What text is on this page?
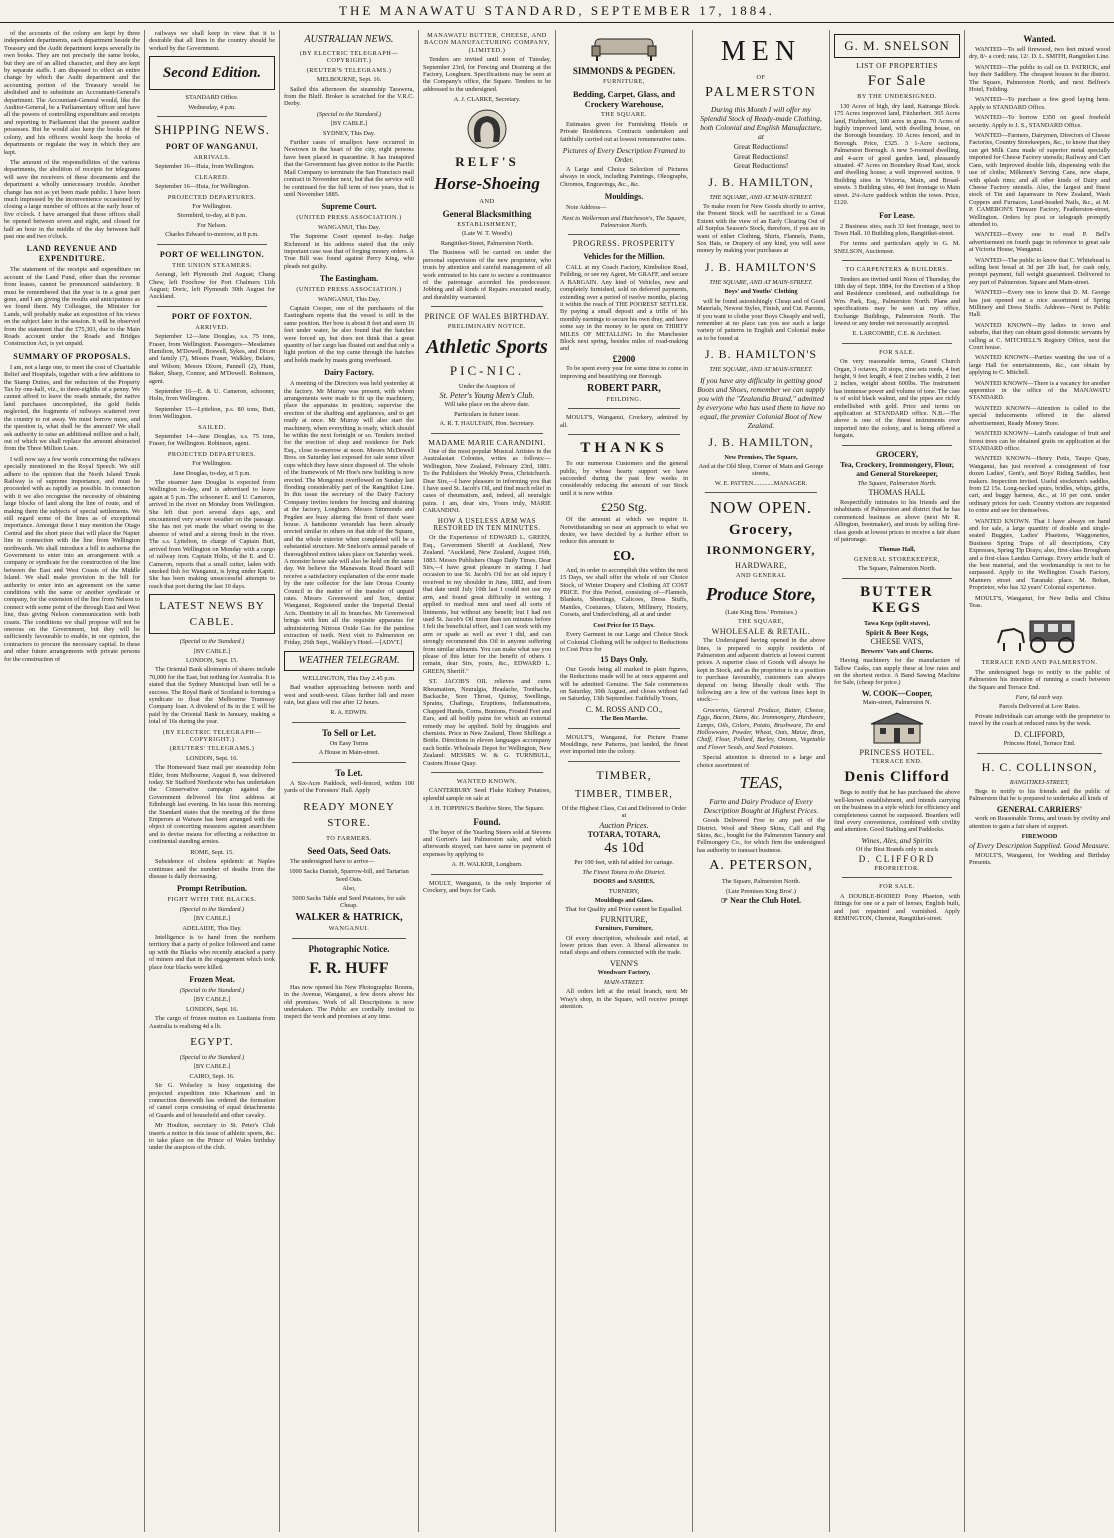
THE MANAWATU STANDARD, SEPTEMBER 17, 1884.

of the accounts of the colony are kept by three independent departments, each department beside the Treasury and the Audit department keeps severally its own books. They are not precisely the same books, but they are of an allied character, and they are kept by separate staffs. I am disposed to effect an entire change by which the Audit department and the accounting portion of the Treasury would be abolished and to substitute an Accountant-General's department. The Accountant-General would, like the Auditor-General, be a Parliamentary officer and have all the powers of controlling expenditure and receipts and reporting to Parliament that the present auditor possesses. But he would also keep the books of the colony, and his officers would keep the books of departments or regulate the way in which they are kept.

The amount of the responsibilities of the various departments, the abolition of receipts for telegrams will save the receivers of these documents and the department a wholly unnecessary trouble. Another change has not as yet been made public. I have been much impressed by the inconvenience occasioned by closing a large number of offices at the early hour of five o'clock. I have arranged that these offices shall be opened between seven and eight, and closed for half an hour in the middle of the day between half past one and two o'clock.

LAND REVENUE AND EXPENDITURE.

The statement of the receipts and expenditure on account of the Land Fund, other than the revenue from leases, cannot be pronounced satisfactory. It must be remembered that the year is in a great part gone, and I am giving the results and anticipations as we found them. My Colleague, the Minister for Lands, will probably make an exposition of his views on the subject later in the session. It will be observed from the statement that the £75,303, due to the Main Roads account under the Roads and Bridges Construction Act, is yet unpaid.

SUMMARY OF PROPOSALS.

I am, not a large one, to meet the cost of Charitable Relief and Hospitals, together with a few additions to the Stamp Duties, and the reduction of the Property Tax by one-half, viz., to three-eighths of a penny. We cannot afford to leave the roads unmade, the native land purchases uncompleted, the gold fields neglected, the fragments of railways scattered over the country to rot away. We must borrow more, and the question is, what shall be the amount? We shall ask authority to raise an additional million and a half, out of which we shall replace the amount abstracted from the Three Million Loan.

I will now say a few words concerning the railways specially mentioned in the Royal Speech. We still adhere to the opinion that the North Island Trunk Railway is of supreme importance, and must be proceeded with as rapidly as possible. In connection with it we also recognise the necessity of obtaining large blocks of land along the line of route, and of making them the subjects of special settlements. We still regard some of the lines as of exceptional importance. Amongst these I may mention the Otago Central and the short piece that will place the Napier line in connection with the line from Wellington northwards. We shall introduce a bill to authorise the Government to enter into an arrangement with a company or syndicate for the construction of the line between the East and West Coasts of the Middle Island. We shall make provision in the bill for authority to enter into an agreement on the same conditions with the same or another syndicate or company, for the extension of the line from Nelson to connect with some point of the through East and West line, thus giving Nelson communication with both coasts. The conditions we shall propose will not be onerous on the Government, but they will be sufficiently favourable to enable, in our opinion, the contractors to procure the necessary capital. In these and other future arrangements with private persons for the construction of

railways we shall keep in view that it is desirable that all lines in the country should be worked by the Government.

Second Edition.

STANDARD Office.

Wednesday, 4 p.m.

SHIPPING NEWS.
PORT OF WANGANUI.

ARRIVALS.

September 16—Huia, from Wellington.

CLEARED.

September 16—Huia, for Wellington.

PROJECTED DEPARTURES.

For Wellington.

Stormbird, to-day, at 8 p.m.

For Nelson.

Charles Edward to-morrow, at 8 p.m.

PORT OF WELLINGTON.

THE UNION STEAMERS.

Aorangi, left Plymouth 2nd August; Chang Chew, left Foochow for Port Chalmers 11th August; Doric, left Plymouth 30th August for Auckland.

PORT OF FOXTON.

ARRIVED.

September 12—Jane Douglas, s.s. 75 tons, Fraser, from Wellington. Passengers—Mesdames Hamilton, M'Dowell, Boswell, Sykes, and Dixon and family (7), Misses Fraser, Walkley, Belairs, and Wilson; Messrs Dixon, Pannell (2), Hunt, Baker, Sharp, Connor, and M'Dowell. Robinson, agent.

September 16—E. & U. Cameron, schooner, Holts, from Wellington.

September 15—Lyttelton, p.s. 80 tons, Butt, from Wellington.

SAILED.

September 14—Jane Douglas, s.s. 75 tons, Fraser, for Wellington. Robinson, agent.

PROJECTED DEPARTURES.

For Wellington.

Jane Douglas, to-day, at 5 p.m.

The steamer Jane Douglas is expected from Wellington to-day, and is advertised to leave again at 5 p.m. The schooner E. and U. Cameron, arrived in the river on Monday from Wellington. She left that port several days ago, and encountered very severe weather on the passage. She has not yet made the wharf owing to the absence of wind and a strong fresh in the river. The s.s. Lyttelton, in charge of Captain Butt, arrived from Wellington on Monday with a cargo of railway iron. Captain Holts, of the E. and U. Cameron, reports that a small cutter, laden with smoked fish for Wanganui, is lying under Kapiti. She has been making unsuccessful attempts to reach that port during the last 10 days.

LATEST NEWS BY CABLE.

(Special to the Standard.)

[BY CABLE.]

LONDON, Sept. 15.

The Oriental Bank allotments of shares include 70,000 for the East, but nothing for Australia. It is stated that the Sydney Municipal loan will be a success. The Royal Bank of Scotland is forming a syndicate to float the Melbourne Tramway Company loan. A dividend of 8s in the £ will be paid by the Oriental Bank in January, making a total of 16s during the year.

(BY ELECTRIC TELEGRAPH—COPYRIGHT.)

(REUTERS' TELEGRAMS.)

LONDON, Sept. 16.

The Homeward Suez mail per steamship John Elder, from Melbourne, August 8, was delivered today. Sir Stafford Northcote who has undertaken the Conservative campaign against the Government delivered his first address at Edinburgh last evening. In his issue this morning the Standard states that the meeting of the three Emperors at Warsaw has been arranged with the object of concerting measures against anarchism and to devise means for effecting a reduction in continental standing armies.

ROME, Sept. 15.

Subsidence of cholera epidemic at Naples continues and the number of deaths from the disease is daily decreasing.

Prompt Retribution.

FIGHT WITH THE BLACKS.

(Special to the Standard.)

[BY CABLE.]

ADELAIDE, This Day.

Intelligence is to hand from the northern territory that a party of police followed and came up with the Blacks who recently attacked a party of miners and that in the engagement which took place four blacks were killed.

Frozen Meat.

(Special to the Standard.)

[BY CABLE.]

LONDON, Sept. 16.

The cargo of frozen mutton ex Lusitania from Australia is realising 4d a lb.

EGYPT.

(Special to the Standard.)

[BY CABLE.]

CAIRO, Sept. 16.

Sir G. Wolseley is busy organising the projected expedition into Khartoum and in connection therewith has ordered the formation of camel corps consisting of equal detachments of Guards and of household and other cavalry.

Mr Houlton, secretary to St. Peter's Club inserts a notice in this issue of athletic sports, &c. to take place on the Prince of Wales birthday under the auspices of the club.

AUSTRALIAN NEWS.

(BY ELECTRIC TELEGRAPH—COPYRIGHT.)

(REUTER'S TELEGRAMS.)

MELBOURNE, Sept. 16.

Sailed this afternoon the steamship Tarawera, from the Bluff. Broker is scratched for the V.R.C. Derby.

(Special to the Standard.)

[BY CABLE.]

SYDNEY, This Day.

Further cases of smallpox have occurred in Newtown in the heart of the city, eight persons have been placed in quarantine. It has transpired that the Government has given notice to the Pacific Mail Company to terminate the San Francisco mail contract in November next, but that the service will be continued for the full term of two years, that is until November 1885.

Supreme Court.

(UNITED PRESS ASSOCIATION.)

WANGANUI, This Day.

The Supreme Court opened to-day. Judge Richmond in his address stated that the only important case was that of forging money orders. A True Bill was found against Percy King, who pleads not guilty.

The Eastingham.

(UNITED PRESS ASSOCIATION.)

WANGANUI, This Day.

Captain Cooper, one of the purchasers of the Eastingham reports that the vessel is still in the same position. Her bow is about 8 feet and stern 16 feet under water, he also found that the hatches were forced up, but does not think that a great quantity of her cargo has floated out and that only a light portion of the top came through the hatches and holds made by masts going overboard.

Dairy Factory.

A meeting of the Directors was held yesterday at the factory. Mr Murray was present, with whom arrangements were made to fit up the machinery, place the apparatus in position, supervise the erection of the shafting and appliances, and to get ready at once. Mr Murray will also start the machinery, when everything is ready, which should be within the next fortnight or so. Tenders invited for the erection of shop and residence for Park Esq., close to-morrow at noon. Messrs McDowell Bros. on Saturday last exposed for sale some silver cups which they have since disposed of. The whole of the framework of Mr Hoe's new building is now erected. The Mongonui overflowed on Sunday last flooding considerably part of the Rangitikei Line. In this issue the secretary of the Dairy Factory Company invites tenders for fencing and draining at the factory, Longburn. Messrs Simmonds and Pegden are busy altering the front of their ware house. A handsome verandah has been already erected similar to others on that side of the Square, and the whole exterior when completed will be a substantial structure. Mr Snelson's annual parade of thoroughbred entires takes place on Saturday week. A monster horse sale will also be held on the same day. We believe the Manawatu Road Board will receive a satisfactory explanation of the error made by the rate collector for the late Oroua County Council in the matter of the transfer of unpaid rates. Messrs Greenwood and Son, dentist Wanganui, Registered under the Imperial Dental Acts. Dentistry in all its branches. Mr Greenwood brings with him all the requisite apparatus for administering Nitrous Oxide Gas for the painless extraction of teeth. Next visit to Palmerston on Friday, 26th Sept., Walkley's Hotel.—[ADVT.]

WEATHER TELEGRAM.

WELLINGTON, This Day 2.45 p.m.

Bad weather approaching between north and west and south-west. Glass further fall and more rain, but glass will rise after 12 hours.

R. A. EDWIN.

To Sell or Let.

On Easy Terms

A House in Main-street.

To Let.

A Six-Acre Paddock, well-fenced, within 100 yards of the Foresters' Hall. Apply

READY MONEY STORE.

TO FARMERS.

Seed Oats, Seed Oats.

The undersigned have to arrive—

1000 Sacks Danish, Sparrow-bill, and Tartarian Seed Oats.

Also,

5000 Sacks Table and Seed Potatoes, for sale Cheap.

WALKER & HATRICK,

WANGANUI.

Photographic Notice.
F. R. HUFF

Has now opened his New Photographic Rooms, in the Avenue, Wanganui, a few doors above his old premises. Work of all Descriptions is now undertaken. The Public are cordially invited to inspect the work and premises at any time.

MANAWATU BUTTER, CHEESE, AND BACON MANUFACTURING COMPANY, (LIMITED.)

Tenders are invited until noon of Tuesday, September 23rd, for Fencing and Draining at the Factory, Longburn. Specifications may be seen at the Company's office, the Square. Tenders to be addressed to the undersigned.

A. J. CLARKE, Secretary.

RELF'S
Horse-Shoeing

AND

General Blacksmithing

ESTABLISHMENT,

(Late W. T. Wood's)

Rangitikei-Street, Palmerston North.

The Business will be carried on under the personal supervision of the new proprietor, who trusts by attention and careful management of all work entrusted to his care to secure a continuance of the patronage accorded his predecessor. Jobbing and all kinds of Repairs executed neatly, and durability warranted.

PRINCE OF WALES BIRTHDAY.

PRELIMINARY NOTICE.

Athletic Sports
PIC-NIC.

Under the Auspices of

St. Peter's Young Men's Club.

Will take place on the above date.

Particulars in future issue.

A. R. T. HAULTAIN, Hon. Secretary.

MADAME MARIE CARANDINI.

One of the most popular Musical Artistes in the Australasian Colonies, writes as follows:— Wellington, New Zealand, February 23rd, 1881. To the Publishers the Weekly Press, Christchurch. Dear Sirs,—I have pleasure in informing you that I have used St. Jacob's Oil, and find much relief in cases of rheumatism, and, indeed, all neuralgic pains. I am, dear sirs, Yours truly, MARIE CARANDINI.

HOW A USELESS ARM WAS RESTORED IN TEN MINUTES.

Or the Experience of EDWARD L. GREEN, Esq., Government Sheriff at Auckland, New Zealand. "Auckland, New Zealand, August 16th, 1883. Messrs Publishers Otago Daily Times. Dear Sirs,—I have great pleasure in stating I had occasion to use St. Jacob's Oil for an old injury I received to my shoulder in June, 1882, and from that date until July 10th last I could not use my arm, and found great difficulty in writing. I applied to medical men and used all sorts of liniments, but without any benefit; but I had not used St. Jacob's Oil more than ten minutes before I felt the beneficial effect, and I can work with my arm or spade as well as ever I did, and can strongly recommend this Oil to anyone suffering from similar ailments. You can make what use you please of this letter for the benefit of others. I remain, dear Sirs, yours, &c., EDWARD L. GREEN, Sheriff."

ST. JACOB'S OIL relieves and cures Rheumatism, Neuralgia, Headache, Toothache, Backache, Sore Throat, Quinsy, Swellings, Sprains, Chafings, Eruptions, Inflammations, Chapped Hands, Corns, Bunions, Frosted Feet and Ears, and all bodily pains for which an external remedy may be applied. Sold by druggists and chemists. Price in New Zealand, Three Shillings a Bottle. Directions in eleven languages accompany each bottle. Wholesale Depot for Wellington, New Zealand: MESSRS W. & G. TURNBULL, Custom House Quay.

WANTED KNOWN.

CANTERBURY Seed Fluke Kidney Potatoes, splendid sample on sale at

J. H. TOPPING'S Beehive Store, The Square.

Found.

The buyer of the Yearling Steers sold at Stevens and Gorton's last Palmerston sale, and which afterwards strayed, can have same on payment of expenses by applying to

A. H. WALKER, Longburn.

MOULT, Wanganui, is the only Importer of Crockery, and buys for Cash.

SIMMONDS & PEGDEN.

FURNITURE,

Bedding, Carpet, Glass, and Crockery Warehouse,

THE SQUARE.

Estimates given for Furnishing Hotels or Private Residences. Contracts undertaken and faithfully carried out at lowest remunerative rates.

Pictures of Every Description Framed to Order.

A Large and Choice Selection of Pictures always in stock, including Paintings, Oleographs, Chromos, Engravings, &c., &c.

Mouldings.

Note Address—

Next to Wollerman and Hutcheson's, The Square, Palmerston North.

PROGRESS. PROSPERITY

Vehicles for the Million.

CALL at my Coach Factory, Kimbolton Road, Feilding, or see my Agent, Mr GRAFF, and secure A BARGAIN. Any kind of Vehicles, new and completely furnished, sold on deferred payments, extending over a period of twelve months, placing it within the reach of THE POOREST SETTLER. By paying a small deposit and a trifle of his monthly earnings to secure his own dray, and have some say in the money to be spent on THIRTY MILES OF METALLING In the Manchester Block next spring, besides miles of road-making and

£2000

To be spent every year for some time to come in improving and beautifying our Borough.

ROBERT PARR,

FEILDING.

MOULT'S, Wanganui, Crockery, admired by all.

THANKS

To our numerous Customers and the general public, by whose hearty support we have succeeded during the past few weeks in considerably reducing the amount of our Stock until it is now within

£250 Stg.

Of the amount at which we require it. Notwithstanding so near an approach to what we desire, we have decided by a further effort to reduce this amount to

£O.

And, in order to accomplish this within the next 15 Days, we shall offer the whole of our Choice Stock, of Winter Drapery and Clothing AT COST PRICE. For this Period, consisting of—Flannels, Blankets, Sheetings, Calicoes, Dress Stuffs, Mantles, Costumes, Ulsters, Millinery, Hosiery, Corsets, and Underclothing, all at and under

Cost Price for 15 Days.

Every Garment in our Large and Choice Stock of Colonial Clothing will be subject to Reductions to Cost Price for

15 Days Only.

Our Goods being all marked in plain figures, the Reductions made will be at once apparent and will be admitted Genuine. The Sale commences on Saturday, 30th August, and closes without fail on Saturday, 13th September. Faithfully Yours,

C. M. ROSS AND CO.,

The Bon Marche.

MOULT'S, Wanganui, for Picture Frame Mouldings, new Patterns, just landed, the finest ever imported into the colony.

TIMBER,
TIMBER, TIMBER,

Of the Highest Class, Cut and Delivered to Order at

Auction Prices.

TOTARA, TOTARA,

4s 10d

Per 100 feet, with 6d added for cartage.

The Finest Totara in the District.

DOORS and SASHES,

TURNERY,

Mouldings and Glass.

That for Quality and Price cannot be Equalled.

FURNITURE,

Furniture, Furniture,

Of every description, wholesale and retail, at lower prices than ever. A liberal allowance to retail shops and others connected with the trade.

VENN'S

Woodware Factory,

MAIN-STREET.

All orders left at the retail branch, next Mr Wray's shop, in the Square, will receive prompt attention.

MEN

OF

PALMERSTON

During this Month I will offer my Splendid Stock of Ready-made Clothing, both Colonial and English Manufacture, at

Great Reductions!

Great Reductions!

Great Reductions!

J. B. HAMILTON,

THE SQUARE, AND AT MAIN-STREET.

To make room for New Goods shortly to arrive, the Present Stock will be sacrificed to a Great Extent with the view of an Early Clearing Out of all Surplus Season's Stock, therefore, if you are in want of either Clothing, Shirts, Flannels, Pants, Sox Hats, or Drapery of any kind, you will save money by making your purchases at

J. B. HAMILTON'S

THE SQUARE, AND AT MAIN-STREET.

Boys' and Youths' Clothing

will be found astonishingly Cheap and of Good Materials, Newest Styles, Finish, and Cut. Parents, if you want to clothe your Boys Cheaply and well, remember at no place can you see such a large variety of patterns in English and Colonial make as to be found at

J. B. HAMILTON'S

THE SQUARE, AND AT MAIN-STREET.

If you have any difficulty in getting good Boots and Shoes, remember we can supply you with the "Zealandia Brand," admitted by everyone who has used them to have no equal, the premier Colonial Boot of New Zealand.

J. B. HAMILTON,

New Premises, The Square,

And at the Old Shop, Corner of Main and George streets,

W. E. PATTEN.............MANAGER.

NOW OPEN.
Grocery,
IRONMONGERY,

HARDWARE,

AND GENERAL

Produce Store,

(Late King Bros.' Premises.)

THE SQUARE,

WHOLESALE & RETAIL.

The Undersigned having opened in the above lines, is prepared to supply residents of Palmerston and adjacent districts at lowest current prices. A superior class of Goods will always be kept in Stock, and as the proprietor is in a position to purchase favourably, customers can always depend on being liberally dealt with. The following are a few of the various lines kept in stock:—

Groceries, General Produce, Butter, Cheese, Eggs, Bacon, Hams, &c. Ironmongery, Hardware, Lamps, Oils, Colors, Potato, Brushware, Tin and Hollowware, Powder, Wheat, Oats, Maize, Bran, Chaff, Flour, Pollard, Barley, Onions, Vegetable and Flower Seeds, and Seed Potatoes.

Special attention is directed to a large and choice assortment of

TEAS,

Farm and Dairy Produce of Every Description Bought at Highest Prices.

Goods Delivered Free to any part of the District. Wool and Sheep Skins, Calf and Pig Skins, &c., bought for the Palmerston Tannery and Fellmongery Co., for which firm the undersigned has authority to transact business.

A. PETERSON,

The Square, Palmerston North.

(Late Premises King Bros'.)

☞ Near the Club Hotel.

G. M. SNELSON

LIST OF PROPERTIES

For Sale

BY THE UNDERSIGNED.

130 Acres of high, dry land, Kairanga Block. 175 Acres improved land, Fitzherbert. 365 Acres land, Fitzherbert, 100 acres in grass. 70 Acres of highly improved land, with dwelling house, on the Borough boundary. 10 Acres fenced, and in Borough. Price, £325. 3 1-Acre sections, Palmerston Borough. A new 5-roomed dwelling, and 4-acre of good garden land, pleasantly situated. 47 Acres on Boundary Road East, stock and dwelling house; a well improved section. 9 Building sites in Victoria, Main, and Broad-streets. 3 Building sites, 40 feet frontage to Main street. 2¼-Acre paddock within the town. Price, £120.

For Lease.

2 Business sites, each 33 feet frontage, next to Town Hall. 10 Building plots, Rangitikei-street.

For terms and particulars apply to G. M. SNELSON, Auctioneer.

TO CARPENTERS & BUILDERS.

Tenders are invited until Noon of Thursday, the 18th day of Sept. 1884, for the Erection of a Shop and Residence combined, and outbuildings for Wm. Park, Esq., Palmerston North. Plans and specifications may be seen at my office, Exchange Buildings, Palmerston North. The lowest or any tender not necessarily accepted.

E. LARCOMBE, C.E. & Architect.

FOR SALE.

On very reasonable terms, Grand Church Organ, 3 octaves, 20 stops, nine sets reeds, 4 feet height, 9 feet length, 4 feet 2 inches width, 2 feet 2 inches, weight about 600lbs. The instrument has immense power and volume of tone. The case is of solid black walnut, and the pipes are richly embellished with gold. Price and terms on application at STANDARD office. N.B.—The above is one of the finest instruments ever imported into the colony, and is being offered a bargain.

GROCERY,

Tea, Crockery, Ironmongery, Flour, and General Storekeeper,

The Square, Palmerston North.

THOMAS HALL

Respectfully intimates to his friends and the inhabitants of Palmerston and district that he has commenced business as above (next Mr R. Allington, bootmaker), and trusts by selling first-class goods at lowest prices to receive a fair share of patronage.

Thomas Hall,

GENERAL STOREKEEPER,

The Square, Palmerston North.

BUTTER KEGS

Tawa Kegs (split staves),

Spirit & Beer Kegs,

CHEESE VATS,

Brewers' Vats and Churns.

Having machinery for the manufacture of Tallow Casks, can supply these at low rates and on the shortest notice. A Band Sawing Machine for Sale, (cheap for price.)

W. COOK—Cooper,

Main-street, Palmerston N.

PRINCESS HOTEL.

TERRACE END.

Denis Clifford

Begs to notify that he has purchased the above well-known establishment, and intends carrying on the business in a style which for efficiency and completeness cannot be surpassed. Boarders will find every convenience, combined with civility and attention. Good Stabling and Paddocks.

Wines, Ales, and Spirits

Of the Best Brands only in stock

D. CLIFFORD

PROPRIETOR.

FOR SALE.

A DOUBLE-BODIED Pony Phaeton, with fittings for one or a pair of horses, English built, and just repainted and varnished. Apply REMINGTON, Chemist, Rangitikei-street.

Wanted.

WANTED—To sell firewood, two feet mixed wood dry, 8/- a cord; rata, 12/. D. L. SMITH, Rangitikei Line.

WANTED—The public to call on D. PATRICK, and buy their Saddlery. The cheapest houses in the district. The Square, Palmerston North, and next Belfree's Hotel, Feilding.

WANTED—To purchase a few good laying hens. Apply to STANDARD Office.

WANTED—To borrow £350 on good freehold security. Apply to J. S., STANDARD Office.

WANTED—Farmers, Dairymen, Directors of Cheese Factories, Country Storekeepers, &c., to know that they can get Milk Cans made of superior metal specially imported for Cheese Factory utensils; Railway and Cart Cans, with Improved double lids, dispensing with the use of cloths; Milkmen's Serving Cans, new shape, with splash rims; and all other kinds of Dairy and Cheese Factory utensils. Also, the largest and finest stock of Tin and Japanware in New Zealand, Wash Coppers and Furnaces, Lead-headed Nails, &c., at M. P. CAMERON'S Tinware Factory, Featherston-street, Wellington. Orders by post or telegraph promptly attended to.

WANTED—Every one to read P. Bell's advertisement on fourth page in reference to great sale at Victoria House, Wanganui.

WANTED—The public to know that C. Whitehead is selling best bread at 3d per 2lb loaf, for cash only, prompt payment, full weight guaranteed. Delivered to any part of Palmerston. Square and Main-street.

WANTED—Every one to know that D. M. George has just opened out a nice assortment of Spring Millinery and Dress Stuffs. Address—Next to Public Hall.

WANTED KNOWN—By ladies in town and suburbs, that they can obtain good domestic servants by calling at C. MITCHELL'S Registry Office, next the Court house.

WANTED KNOWN—Parties wanting the use of a large Hall for entertainments, &c., can obtain by applying to C. Mitchell.

WANTED KNOWN—There is a vacancy for another apprentice in the office of the MANAWATU STANDARD.

WANTED KNOWN—Attention is called to the special inducements offered in the altered advertisement, Ready Money Store.

WANTED KNOWN—Laird's catalogue of fruit and forest trees can be obtained gratis on application at the STANDARD office.

WANTED KNOWN—Henry Potts, Taupo Quay, Wanganui, has just received a consignment of four dozen Ladies', Gent's, and Boys' Riding Saddles, best makers. Inspection invited. Useful stockmen's saddles, from £2 15s. Long-necked spurs, bridles, whips, girths, cart, and buggy harness, &c., at 10 per cent. under ordinary prices for cash. Country visitors are requested to come and see for themselves.

WANTED KNOWN. That I have always on hand and for sale, a large quantity of double and single-seated Buggies, Ladies' Phaetons, Waggonettes, Business Spring Traps of all descriptions, City Expresses, Spring Tip Drays; also, first-class Brougham and a first-class Landau Carriage. Every article built of the best material, and the workmanship is not to be surpassed. Apply to the Wellington Coach Factory, Manners street and Taranaki place. M. Bohan, Proprietor, who has 32 years' Colonial experience.

MOULT'S, Wanganui, for New India and China Teas.

TERRACE END AND PALMERSTON.

The undersigned begs to notify to the public of Palmerston his intention of running a coach between the Square and Terrace End.

Fare, 6d each way.

Parcels Delivered at Low Rates.

Private individuals can arrange with the proprietor to travel by the coach at reduced rates by the week.

D. CLIFFORD,

Princess Hotel, Terrace End.

H. C. COLLINSON,

RANGITIKEI-STREET,

Begs to notify to his friends and the public of Palmerston that he is prepared to undertake all kinds of

GENERAL CARRIERS'

work on Reasonable Terms, and trusts by civility and attention to gain a fair share of support.

FIREWOOD

of Every Description Supplied. Good Measure.

MOULT'S, Wanganui, for Wedding and Birthday Presents.
